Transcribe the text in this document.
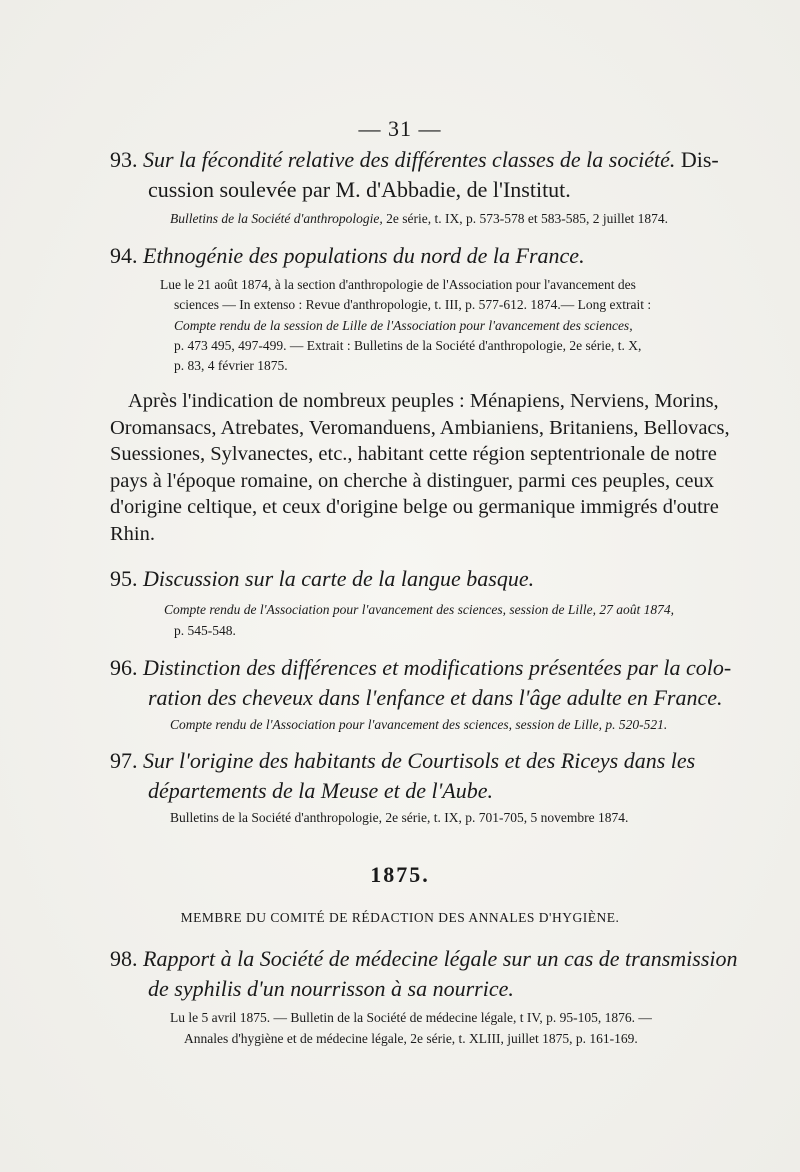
— 31 —
93. Sur la fécondité relative des différentes classes de la société. Dis-
cussion soulevée par M. d'Abbadie, de l'Institut.
Bulletins de la Société d'anthropologie, 2e série, t. IX, p. 573-578 et 583-585, 2 juillet 1874.
94. Ethnogénie des populations du nord de la France.
Lue le 21 août 1874, à la section d'anthropologie de l'Association pour l'avancement des
sciences — In extenso : Revue d'anthropologie, t. III, p. 577-612. 1874.— Long extrait :
Compte rendu de la session de Lille de l'Association pour l'avancement des sciences,
p. 473 495, 497-499. — Extrait : Bulletins de la Société d'anthropologie, 2e série, t. X,
p. 83, 4 février 1875.
Après l'indication de nombreux peuples : Ménapiens, Nerviens, Morins,
Oromansacs, Atrebates, Veromanduens, Ambianiens, Britaniens, Bellovacs,
Suessiones, Sylvanectes, etc., habitant cette région septentrionale de notre
pays à l'époque romaine, on cherche à distinguer, parmi ces peuples, ceux
d'origine celtique, et ceux d'origine belge ou germanique immigrés d'outre
Rhin.
95. Discussion sur la carte de la langue basque.
Compte rendu de l'Association pour l'avancement des sciences, session de Lille, 27 août 1874,
p. 545-548.
96. Distinction des différences et modifications présentées par la colo-
ration des cheveux dans l'enfance et dans l'âge adulte en France.
Compte rendu de l'Association pour l'avancement des sciences, session de Lille, p. 520-521.
97. Sur l'origine des habitants de Courtisols et des Riceys dans les
départements de la Meuse et de l'Aube.
Bulletins de la Société d'anthropologie, 2e série, t. IX, p. 701-705, 5 novembre 1874.
1875.
MEMBRE DU COMITÉ DE RÉDACTION DES ANNALES D'HYGIÈNE.
98. Rapport à la Société de médecine légale sur un cas de transmission
de syphilis d'un nourrisson à sa nourrice.
Lu le 5 avril 1875. — Bulletin de la Société de médecine légale, t IV, p. 95-105, 1876. —
Annales d'hygiène et de médecine légale, 2e série, t. XLIII, juillet 1875, p. 161-169.
